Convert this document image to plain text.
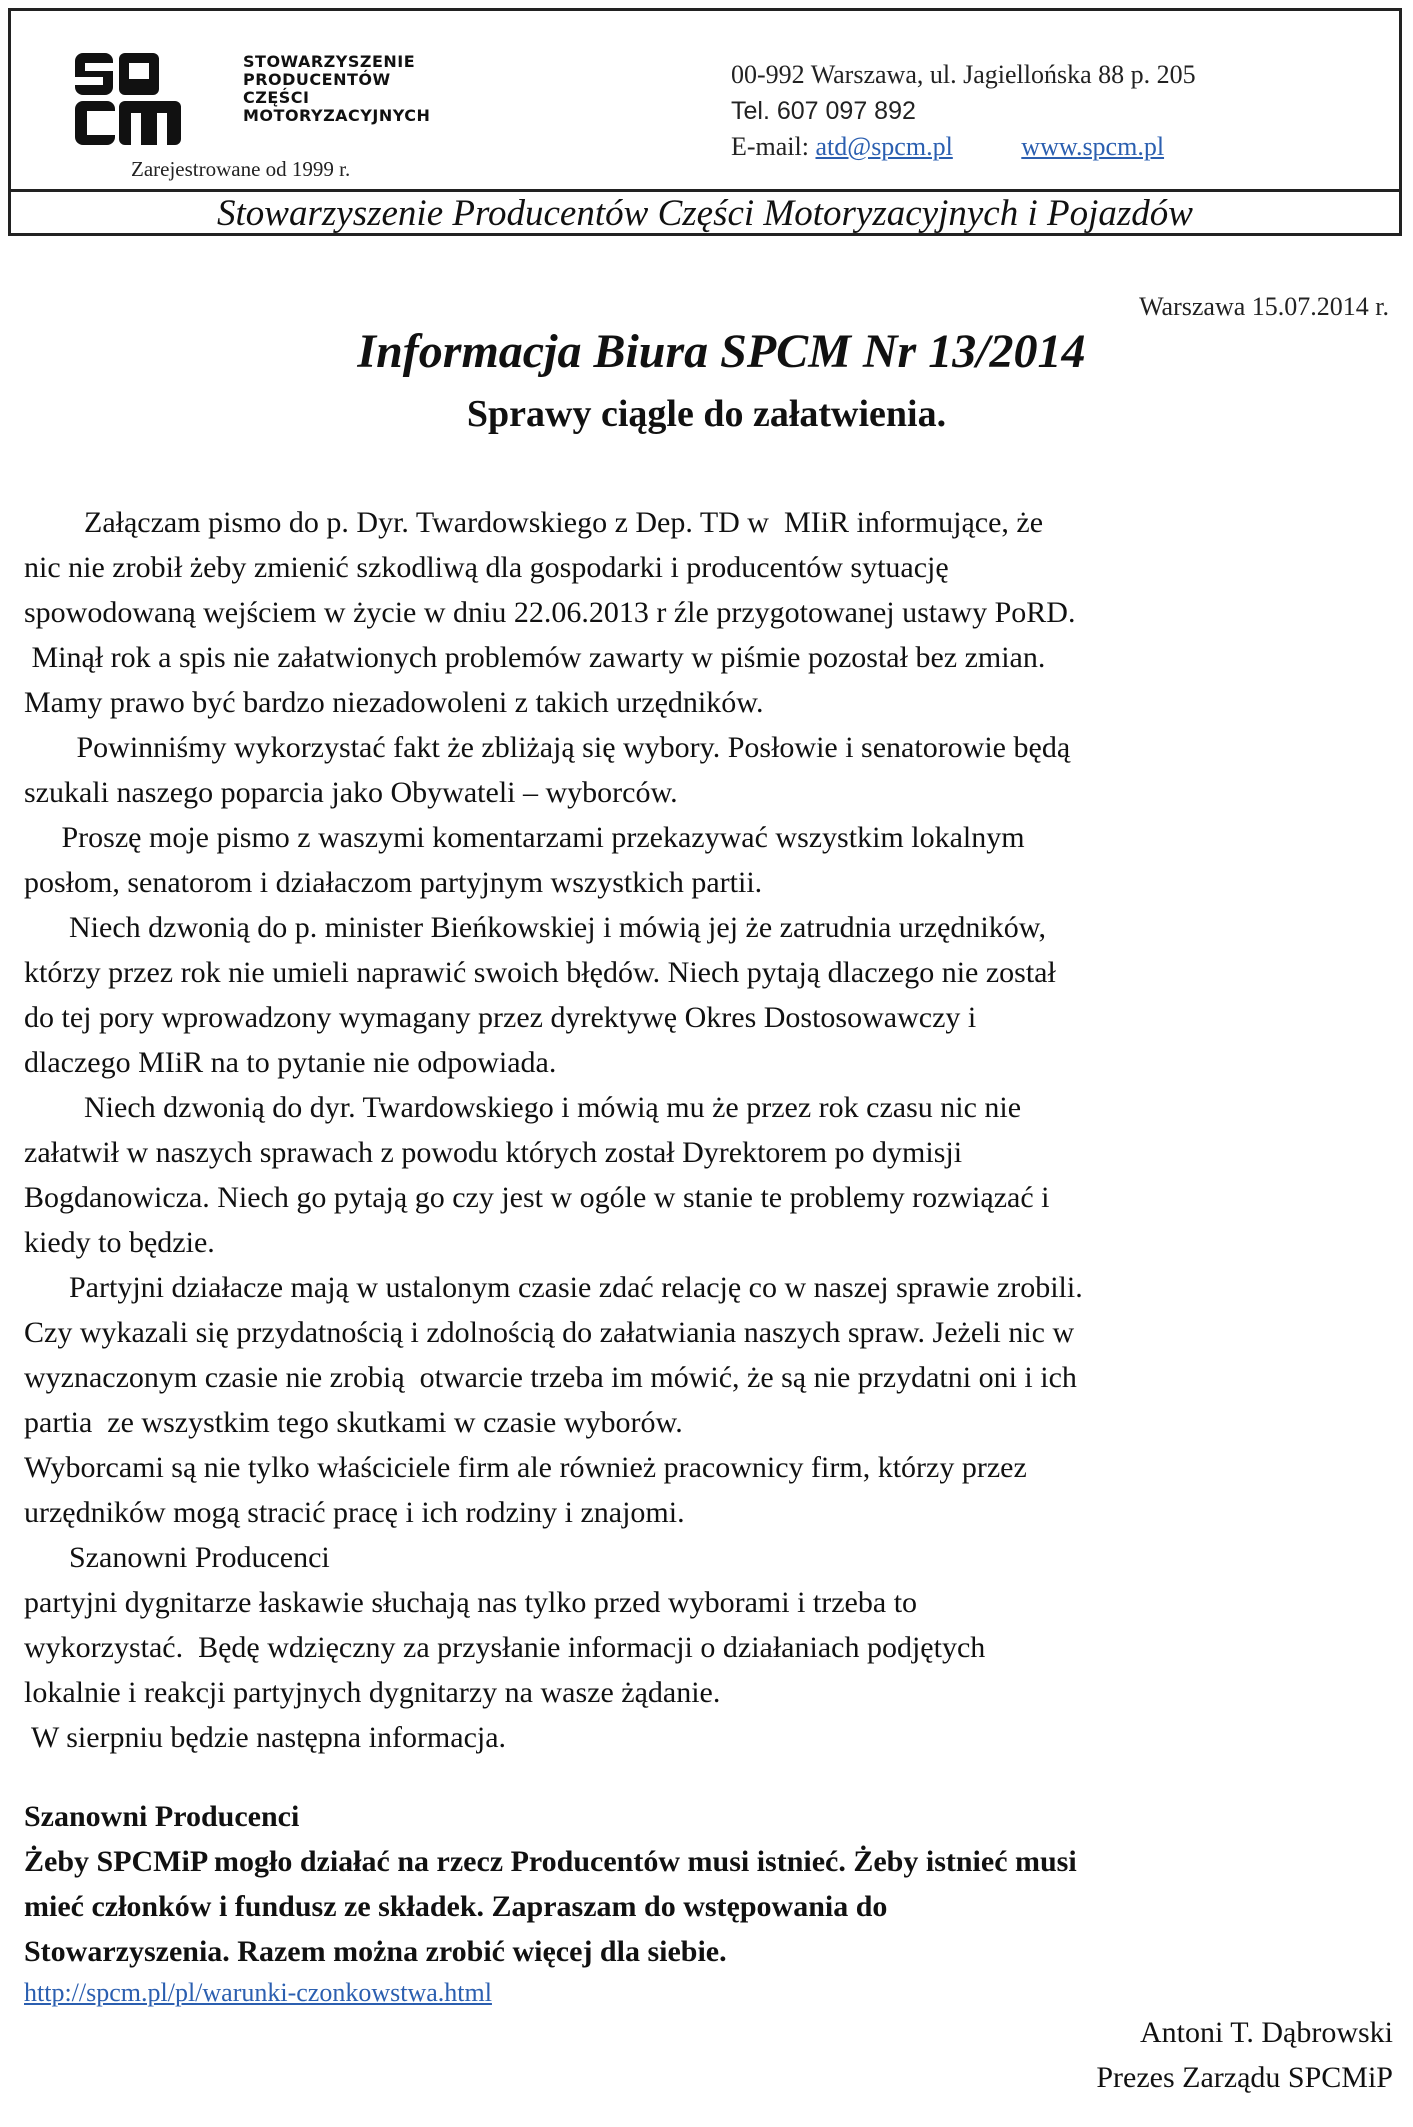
STOWARZYSZENIE
PRODUCENTÓW
CZĘŚCI
MOTORYZACYJNYCH
Zarejestrowane od 1999 r.
00-992 Warszawa, ul. Jagiellońska 88 p. 205
Tel. 607 097 892
E-mail: atd@spcm.pl	www.spcm.pl
Stowarzyszenie Producentów Części Motoryzacyjnych i Pojazdów
Warszawa 15.07.2014 r.
Informacja Biura SPCM Nr 13/2014
Sprawy ciągle do załatwienia.

Załączam pismo do p. Dyr. Twardowskiego z Dep. TD w  MIiR informujące, że

nic nie zrobił żeby zmienić szkodliwą dla gospodarki i producentów sytuację

spowodowaną wejściem w życie w dniu 22.06.2013 r źle przygotowanej ustawy PoRD.

Minął rok a spis nie załatwionych problemów zawarty w piśmie pozostał bez zmian.

Mamy prawo być bardzo niezadowoleni z takich urzędników.

Powinniśmy wykorzystać fakt że zbliżają się wybory. Posłowie i senatorowie będą

szukali naszego poparcia jako Obywateli – wyborców.

Proszę moje pismo z waszymi komentarzami przekazywać wszystkim lokalnym

posłom, senatorom i działaczom partyjnym wszystkich partii.

Niech dzwonią do p. minister Bieńkowskiej i mówią jej że zatrudnia urzędników,

którzy przez rok nie umieli naprawić swoich błędów. Niech pytają dlaczego nie został

do tej pory wprowadzony wymagany przez dyrektywę Okres Dostosowawczy i

dlaczego MIiR na to pytanie nie odpowiada.

Niech dzwonią do dyr. Twardowskiego i mówią mu że przez rok czasu nic nie

załatwił w naszych sprawach z powodu których został Dyrektorem po dymisji

Bogdanowicza. Niech go pytają go czy jest w ogóle w stanie te problemy rozwiązać i

kiedy to będzie.

Partyjni działacze mają w ustalonym czasie zdać relację co w naszej sprawie zrobili.

Czy wykazali się przydatnością i zdolnością do załatwiania naszych spraw. Jeżeli nic w

wyznaczonym czasie nie zrobią  otwarcie trzeba im mówić, że są nie przydatni oni i ich

partia  ze wszystkim tego skutkami w czasie wyborów.

Wyborcami są nie tylko właściciele firm ale również pracownicy firm, którzy przez

urzędników mogą stracić pracę i ich rodziny i znajomi.

Szanowni Producenci

partyjni dygnitarze łaskawie słuchają nas tylko przed wyborami i trzeba to

wykorzystać.  Będę wdzięczny za przysłanie informacji o działaniach podjętych

lokalnie i reakcji partyjnych dygnitarzy na wasze żądanie.

W sierpniu będzie następna informacja.

Szanowni Producenci

Żeby SPCMiP mogło działać na rzecz Producentów musi istnieć. Żeby istnieć musi

mieć członków i fundusz ze składek. Zapraszam do wstępowania do

Stowarzyszenia. Razem można zrobić więcej dla siebie.

http://spcm.pl/pl/warunki-czonkowstwa.html
Antoni T. Dąbrowski
Prezes Zarządu SPCMiP
